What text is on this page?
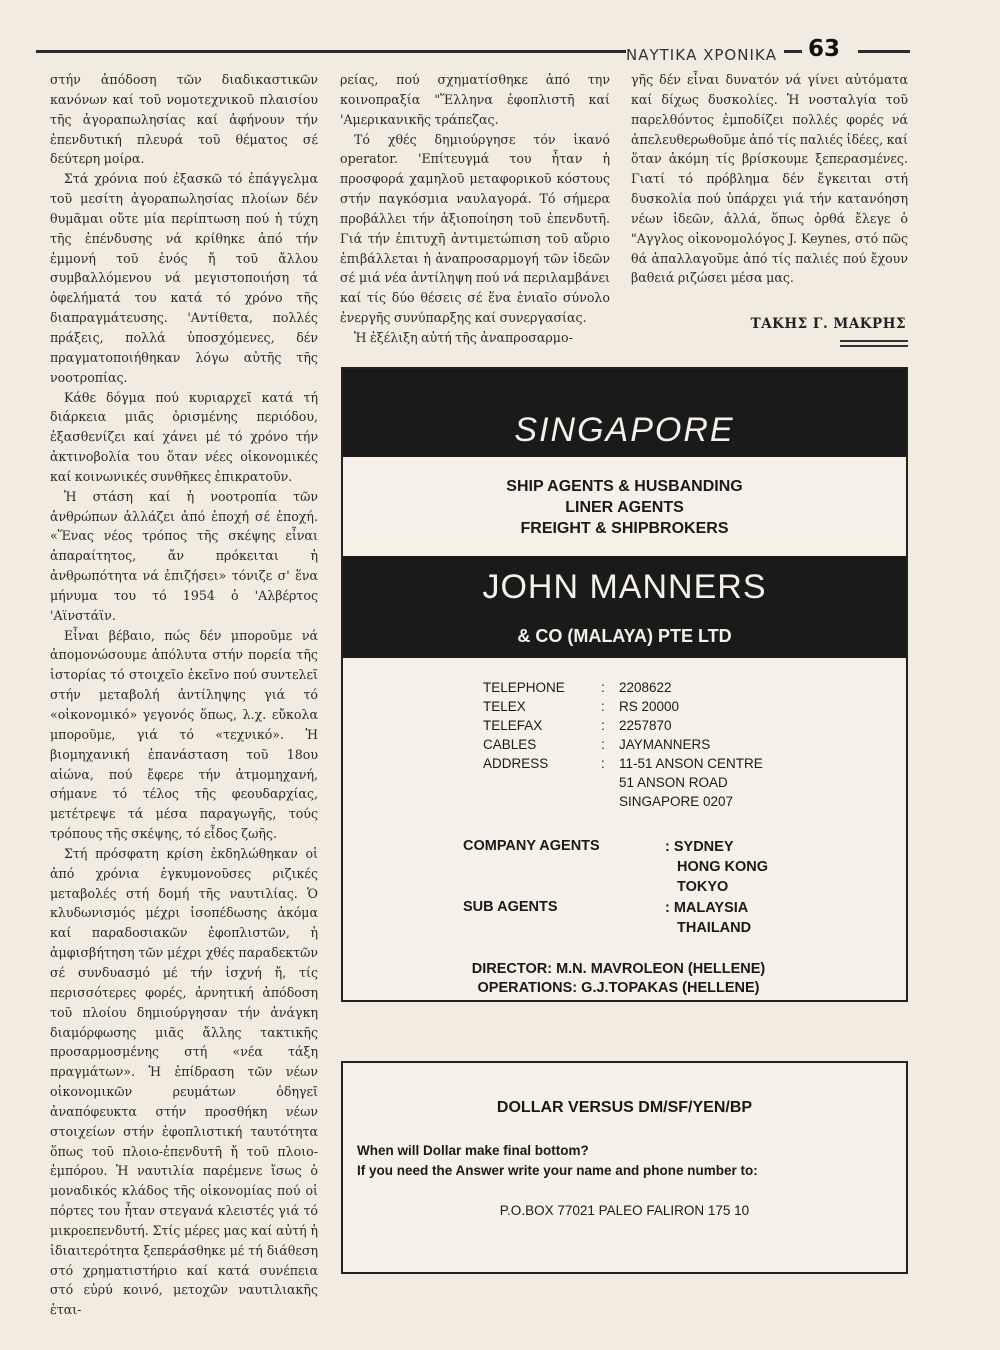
ΝΑΥΤΙΚΑ ΧΡΟΝΙΚΑ 63

στήν ἀπόδοση τῶν διαδικαστικῶν κανόνων καί τοῦ νομοτεχνικοῦ πλαισίου τῆς ἀγοραπωλησίας καί ἀφήνουν τήν ἐπενδυτική πλευρά τοῦ θέματος σέ δεύτερη μοίρα.

Στά χρόνια πού ἐξασκῶ τό ἐπάγγελμα τοῦ μεσίτη ἀγοραπωλησίας πλοίων δέν θυμᾶμαι οὔτε μία περίπτωση πού ἡ τύχη τῆς ἐπένδυσης νά κρίθηκε ἀπό τήν ἐμμονή τοῦ ἑνός ἤ τοῦ ἄλλου συμβαλλόμενου νά μεγιστοποιήση τά ὀφελήματά του κατά τό χρόνο τῆς διαπραγμάτευσης. 'Αντίθετα, πολλές πράξεις, πολλά ὑποσχόμενες, δέν πραγματοποιήθηκαν λόγω αὐτῆς τῆς νοοτροπίας.

Κάθε δόγμα πού κυριαρχεῖ κατά τή διάρκεια μιᾶς ὁρισμένης περιόδου, ἐξασθενίζει καί χάνει μέ τό χρόνο τήν ἀκτινοβολία του ὅταν νέες οἰκονομικές καί κοινωνικές συνθῆκες ἐπικρατοῦν.

Ἡ στάση καί ἡ νοοτροπία τῶν ἀνθρώπων ἀλλάζει ἀπό ἐποχή σέ ἐποχή. «Ἕνας νέος τρόπος τῆς σκέψης εἶναι ἀπαραίτητος, ἄν πρόκειται ἡ ἀνθρωπότητα νά ἐπιζήσει» τόνιζε σ' ἕνα μήνυμα του τό 1954 ὁ 'Αλβέρτος 'Αϊνστάϊν.

Εἶναι βέβαιο, πώς δέν μποροῦμε νά ἀπομονώσουμε ἀπόλυτα στήν πορεία τῆς ἱστορίας τό στοιχεῖο ἐκεῖνο πού συντελεῖ στήν μεταβολή ἀντίληψης γιά τό «οἰκονομικό» γεγονός ὅπως, λ.χ. εὔκολα μποροῦμε, γιά τό «τεχνικό». Ἡ βιομηχανική ἐπανάσταση τοῦ 18ου αἰώνα, πού ἔφερε τήν ἀτμομηχανή, σήμανε τό τέλος τῆς φεουδαρχίας, μετέτρεψε τά μέσα παραγωγῆς, τούς τρόπους τῆς σκέψης, τό εἶδος ζωῆς.

Στή πρόσφατη κρίση ἐκδηλώθηκαν οἱ ἀπό χρόνια ἐγκυμονοῦσες ριζικές μεταβολές στή δομή τῆς ναυτιλίας. Ὁ κλυδωνισμός μέχρι ἰσοπέδωσης ἀκόμα καί παραδοσιακῶν ἐφοπλιστῶν, ἡ ἀμφισβήτηση τῶν μέχρι χθές παραδεκτῶν σέ συνδυασμό μέ τήν ἰσχνή ἤ, τίς περισσότερες φορές, ἀρνητική ἀπόδοση τοῦ πλοίου δημιούργησαν τήν ἀνάγκη διαμόρφωσης μιᾶς ἄλλης τακτικῆς προσαρμοσμένης στή «νέα τάξη πραγμάτων». Ἡ ἐπίδραση τῶν νέων οἰκονομικῶν ρευμάτων ὁδηγεῖ ἀναπόφευκτα στήν προσθήκη νέων στοιχείων στήν ἐφοπλιστική ταυτότητα ὅπως τοῦ πλοιο-ἐπενδυτῆ ἤ τοῦ πλοιο-ἐμπόρου. Ἡ ναυτιλία παρέμενε ἴσως ὁ μοναδικός κλάδος τῆς οἰκονομίας πού οἱ πόρτες του ἦταν στεγανά κλειστές γιά τό μικροεπενδυτή. Στίς μέρες μας καί αὐτή ἡ ἰδιαιτερότητα ξεπεράσθηκε μέ τή διάθεση στό χρηματιστήριο καί κατά συνέπεια στό εὐρύ κοινό, μετοχῶν ναυτιλιακῆς ἑται-

ρείας, πού σχηματίσθηκε ἀπό την κοινοπραξία "Ἕλληνα ἐφοπλιστῆ καί 'Αμερικανικῆς τράπεζας.

Τό χθές δημιούργησε τόν ἱκανό operator. 'Επίτευγμά του ἦταν ἡ προσφορά χαμηλοῦ μεταφορικοῦ κόστους στήν παγκόσμια ναυλαγορά. Τό σήμερα προβάλλει τήν ἀξιοποίηση τοῦ ἐπενδυτῆ. Γιά τήν ἐπιτυχῆ ἀντιμετώπιση τοῦ αὔριο ἐπιβάλλεται ἡ ἀναπροσαρμογή τῶν ἰδεῶν σέ μιά νέα ἀντίληψη πού νά περιλαμβάνει καί τίς δύο θέσεις σέ ἕνα ἑνιαῖο σύνολο ἐνεργῆς συνύπαρξης καί συνεργασίας.

Ἡ ἐξέλιξη αὐτή τῆς ἀναπροσαρμο-

γῆς δέν εἶναι δυνατόν νά γίνει αὐτόματα καί δίχως δυσκολίες. Ἡ νοσταλγία τοῦ παρελθόντος ἐμποδίζει πολλές φορές νά ἀπελευθερωθοῦμε ἀπό τίς παλιές ἰδέες, καί ὅταν ἀκόμη τίς βρίσκουμε ξεπερασμένες. Γιατί τό πρόβλημα δέν ἔγκειται στή δυσκολία πού ὑπάρχει γιά τήν κατανόηση νέων ἰδεῶν, ἀλλά, ὅπως ὀρθά ἔλεγε ὁ "Αγγλος οἰκονομολόγος J. Keynes, στό πῶς θά ἀπαλλαγοῦμε ἀπό τίς παλιές πού ἔχουν βαθειά ριζώσει μέσα μας.

ΤΑΚΗΣ Γ. ΜΑΚΡΗΣ
SINGAPORE
SHIP AGENTS & HUSBANDING
LINER AGENTS
FREIGHT & SHIPBROKERS
JOHN MANNERS
& CO (MALAYA) PTE LTD
TELEPHONE	: 2208622
TELEX	: RS 20000
TELEFAX	: 2257870
CABLES	: JAYMANNERS
ADDRESS	: 11-51 ANSON CENTRE
51 ANSON ROAD
SINGAPORE 0207
COMPANY AGENTS	: SYDNEY
HONG KONG
TOKYO
SUB AGENTS	: MALAYSIA
THAILAND
DIRECTOR: M.N. MAVROLEON (HELLENE)
OPERATIONS: G.J.TOPAKAS (HELLENE)
DOLLAR VERSUS DM/SF/YEN/BP
When will Dollar make final bottom?
If you need the Answer write your name and phone number to:
P.O.BOX 77021 PALEO FALIRON 175 10
